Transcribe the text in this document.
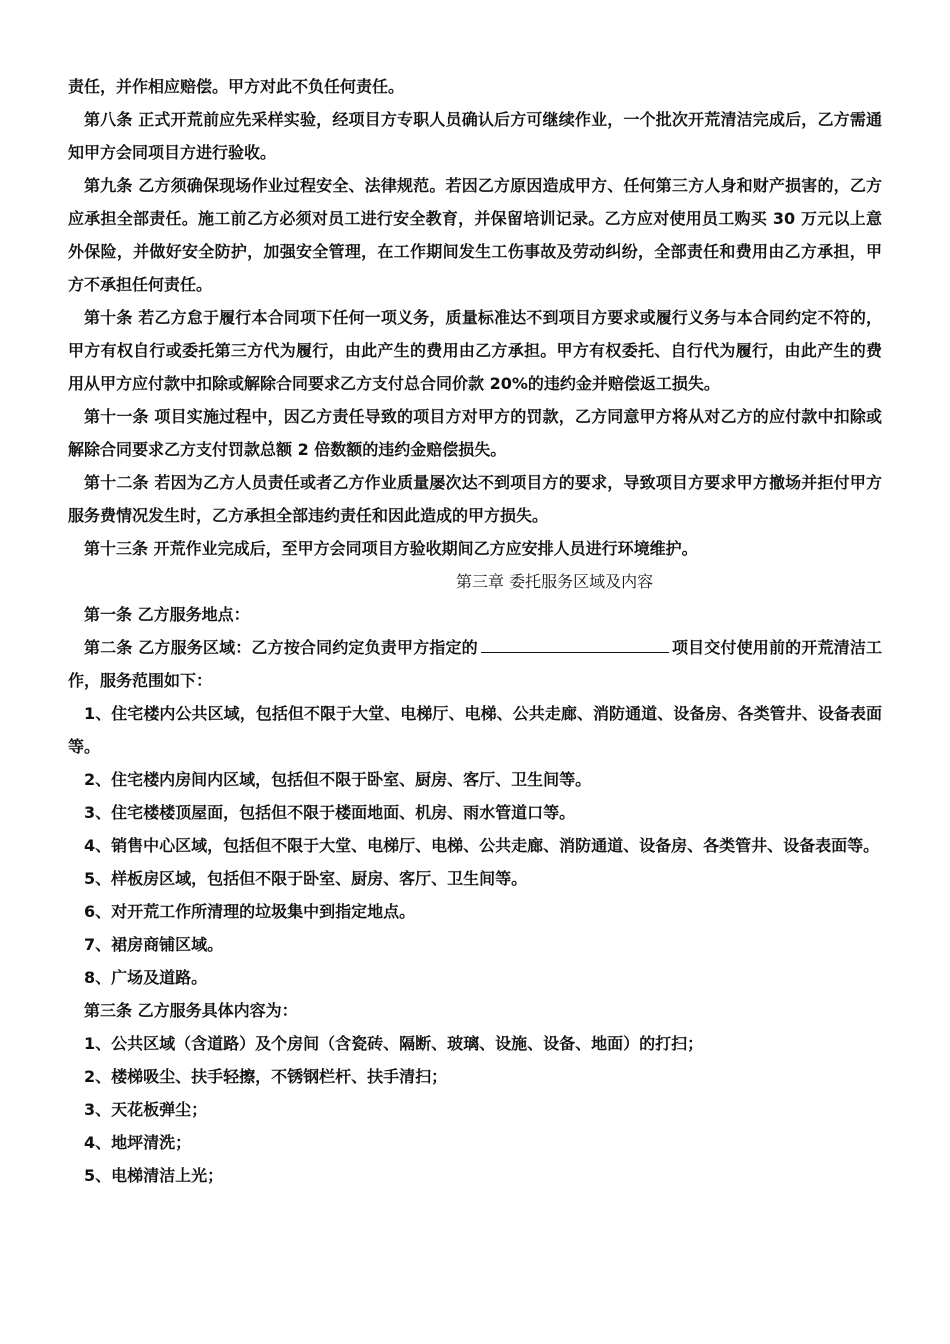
责任，并作相应赔偿。甲方对此不负任何责任。

第八条 正式开荒前应先采样实验，经项目方专职人员确认后方可继续作业，一个批次开荒清洁完成后，乙方需通知甲方会同项目方进行验收。

第九条 乙方须确保现场作业过程安全、法律规范。若因乙方原因造成甲方、任何第三方人身和财产损害的，乙方应承担全部责任。施工前乙方必须对员工进行安全教育，并保留培训记录。乙方应对使用员工购买 30 万元以上意外保险，并做好安全防护，加强安全管理，在工作期间发生工伤事故及劳动纠纷，全部责任和费用由乙方承担，甲方不承担任何责任。

第十条 若乙方怠于履行本合同项下任何一项义务，质量标准达不到项目方要求或履行义务与本合同约定不符的，甲方有权自行或委托第三方代为履行，由此产生的费用由乙方承担。甲方有权委托、自行代为履行，由此产生的费用从甲方应付款中扣除或解除合同要求乙方支付总合同价款 20%的违约金并赔偿返工损失。

第十一条 项目实施过程中，因乙方责任导致的项目方对甲方的罚款，乙方同意甲方将从对乙方的应付款中扣除或解除合同要求乙方支付罚款总额 2 倍数额的违约金赔偿损失。

第十二条 若因为乙方人员责任或者乙方作业质量屡次达不到项目方的要求，导致项目方要求甲方撤场并拒付甲方服务费情况发生时，乙方承担全部违约责任和因此造成的甲方损失。

第十三条 开荒作业完成后，至甲方会同项目方验收期间乙方应安排人员进行环境维护。

第三章 委托服务区域及内容

第一条 乙方服务地点：

第二条 乙方服务区域：乙方按合同约定负责甲方指定的	项目交付使用前的开荒清洁工作，服务范围如下：

1、住宅楼内公共区域，包括但不限于大堂、电梯厅、电梯、公共走廊、消防通道、设备房、各类管井、设备表面等。

2、住宅楼内房间内区域，包括但不限于卧室、厨房、客厅、卫生间等。

3、住宅楼楼顶屋面，包括但不限于楼面地面、机房、雨水管道口等。

4、销售中心区域，包括但不限于大堂、电梯厅、电梯、公共走廊、消防通道、设备房、各类管井、设备表面等。

5、样板房区域，包括但不限于卧室、厨房、客厅、卫生间等。

6、对开荒工作所清理的垃圾集中到指定地点。

7、裙房商铺区域。

8、广场及道路。

第三条 乙方服务具体内容为：

1、公共区域（含道路）及个房间（含瓷砖、隔断、玻璃、设施、设备、地面）的打扫；

2、楼梯吸尘、扶手轻擦，不锈钢栏杆、扶手清扫；

3、天花板弹尘；

4、地坪清洗；

5、电梯清洁上光；
